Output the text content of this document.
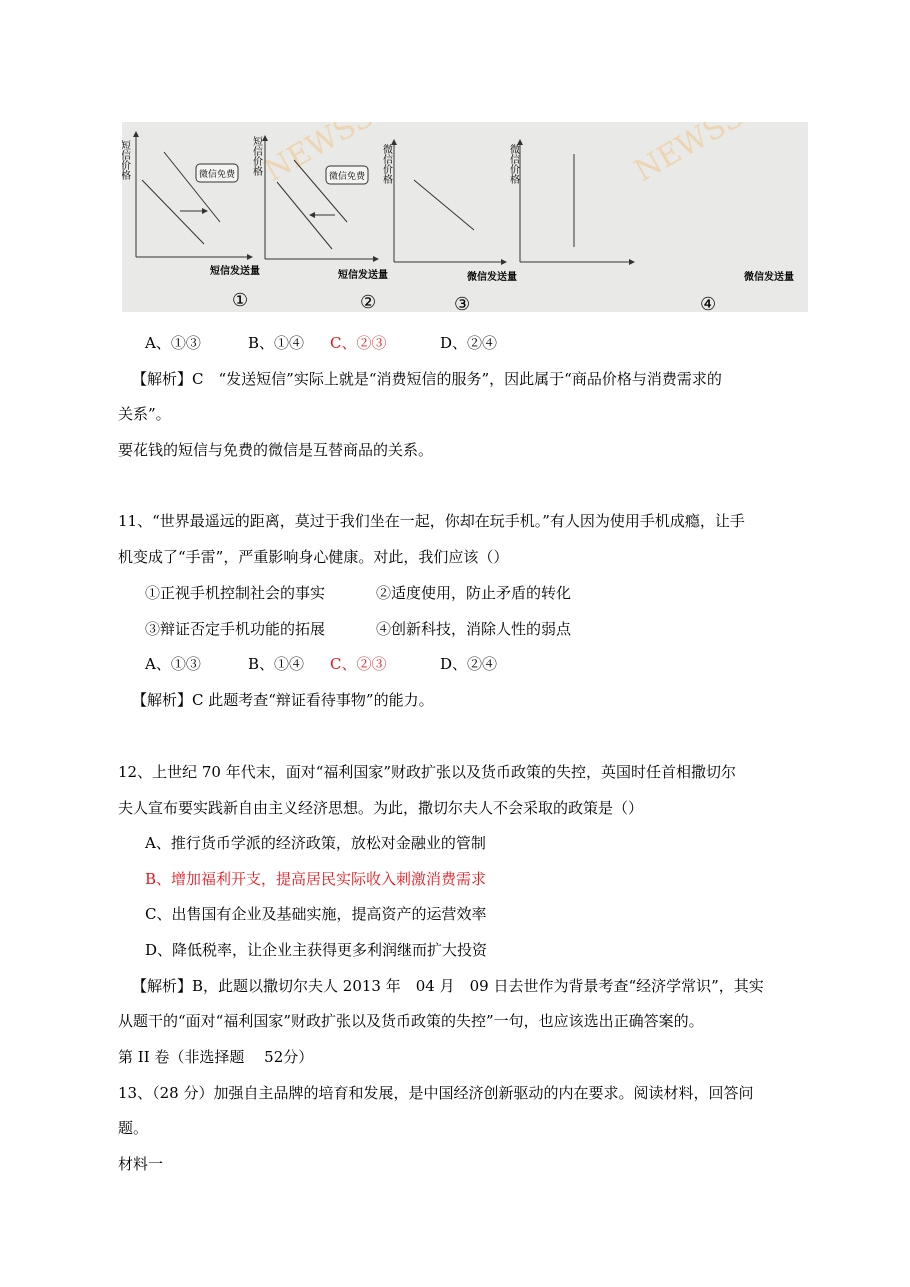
微信免费
短信价格
短信发送量
①
微信免费
短信价格
短信发送量
②
微信价格
微信发送量
③
微信价格
微信发送量
④
A、①③	B、①④ C、②③	D、②④
【解析】C　“发送短信”实际上就是“消费短信的服务”，因此属于“商品价格与消费需求的
关系”。
要花钱的短信与免费的微信是互替商品的关系。
11、“世界最遥远的距离，莫过于我们坐在一起，你却在玩手机。”有人因为使用手机成瘾，让手
机变成了“手雷”，严重影响身心健康。对此，我们应该（）
①正视手机控制社会的事实	②适度使用，防止矛盾的转化
③辩证否定手机功能的拓展	④创新科技，消除人性的弱点
A、①③	B、①④ C、②③	D、②④
【解析】C 此题考查“辩证看待事物”的能力。
12、上世纪 70 年代末，面对“福利国家”财政扩张以及货币政策的失控，英国时任首相撒切尔
夫人宣布要实践新自由主义经济思想。为此，撒切尔夫人不会采取的政策是（）
A、推行货币学派的经济政策，放松对金融业的管制
B、增加福利开支，提高居民实际收入刺激消费需求
C、出售国有企业及基础实施，提高资产的运营效率
D、降低税率，让企业主获得更多利润继而扩大投资
【解析】B，此题以撒切尔夫人 2013 年　04 月　09 日去世作为背景考查“经济学常识”，其实
从题干的“面对“福利国家”财政扩张以及货币政策的失控”一句，也应该选出正确答案的。
第 II 卷（非选择题　 52分）
13、（28 分）加强自主品牌的培育和发展，是中国经济创新驱动的内在要求。阅读材料，回答问
题。
材料一
